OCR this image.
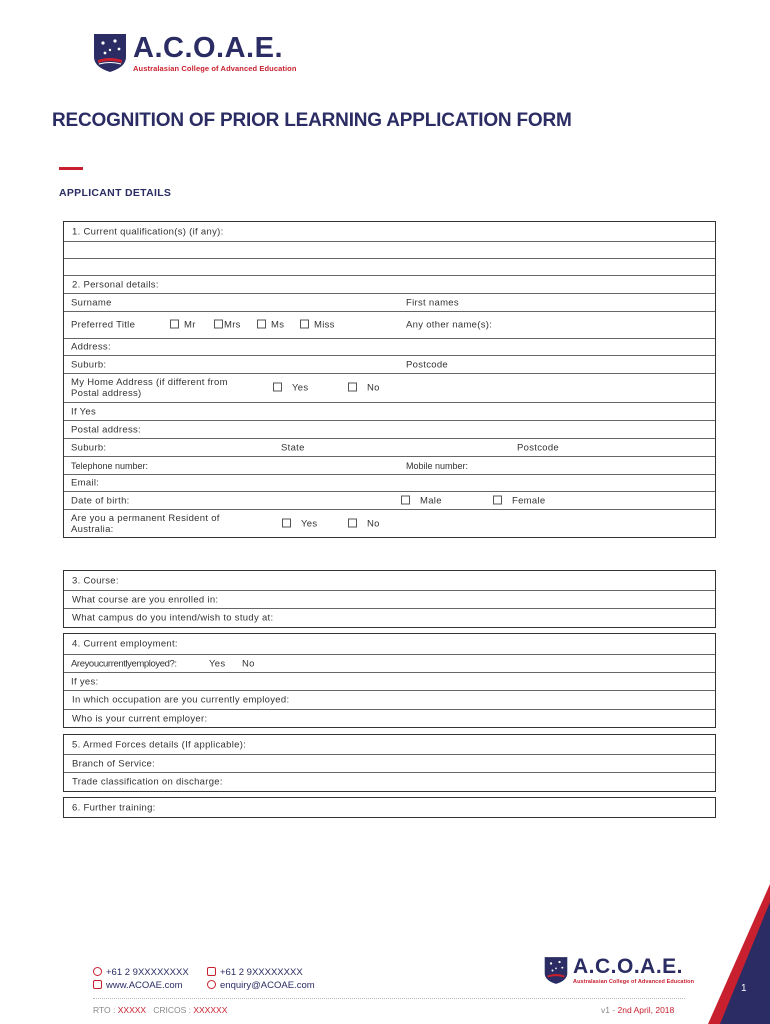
A.C.O.A.E.
Australasian College of Advanced Education
RECOGNITION OF PRIOR LEARNING APPLICATION FORM
APPLICANT DETAILS
1. Current qualification(s) (if any):
2. Personal details:
Surname	First names
Preferred Title	Mr	Mrs	Ms	Miss	Any other name(s):
Address:
Suburb:	Postcode
My Home Address (if different from Postal address)	Yes	No
If Yes
Postal address:
Suburb:	State	Postcode
Telephone number:	Mobile number:
Email:
Date of birth:	Male	Female
Are you a permanent Resident of Australia:	Yes	No
3. Course:
What course are you enrolled in:
What campus do you intend/wish to study at:
4. Current employment:
Areyoucurrentlyemployed?:	Yes No
If yes:
In which occupation are you currently employed:
Who is your current employer:
5. Armed Forces details (If applicable):
Branch of Service:
Trade classification on discharge:
6. Further training:
+61 2 9XXXXXXXX
www.ACOAE.com
+61 2 9XXXXXXXX
enquiry@ACOAE.com
A.C.O.A.E.
Australasian College of Advanced Education
RTO : XXXXX CRICOS : XXXXXX	v1 - 2nd April, 2018
1
